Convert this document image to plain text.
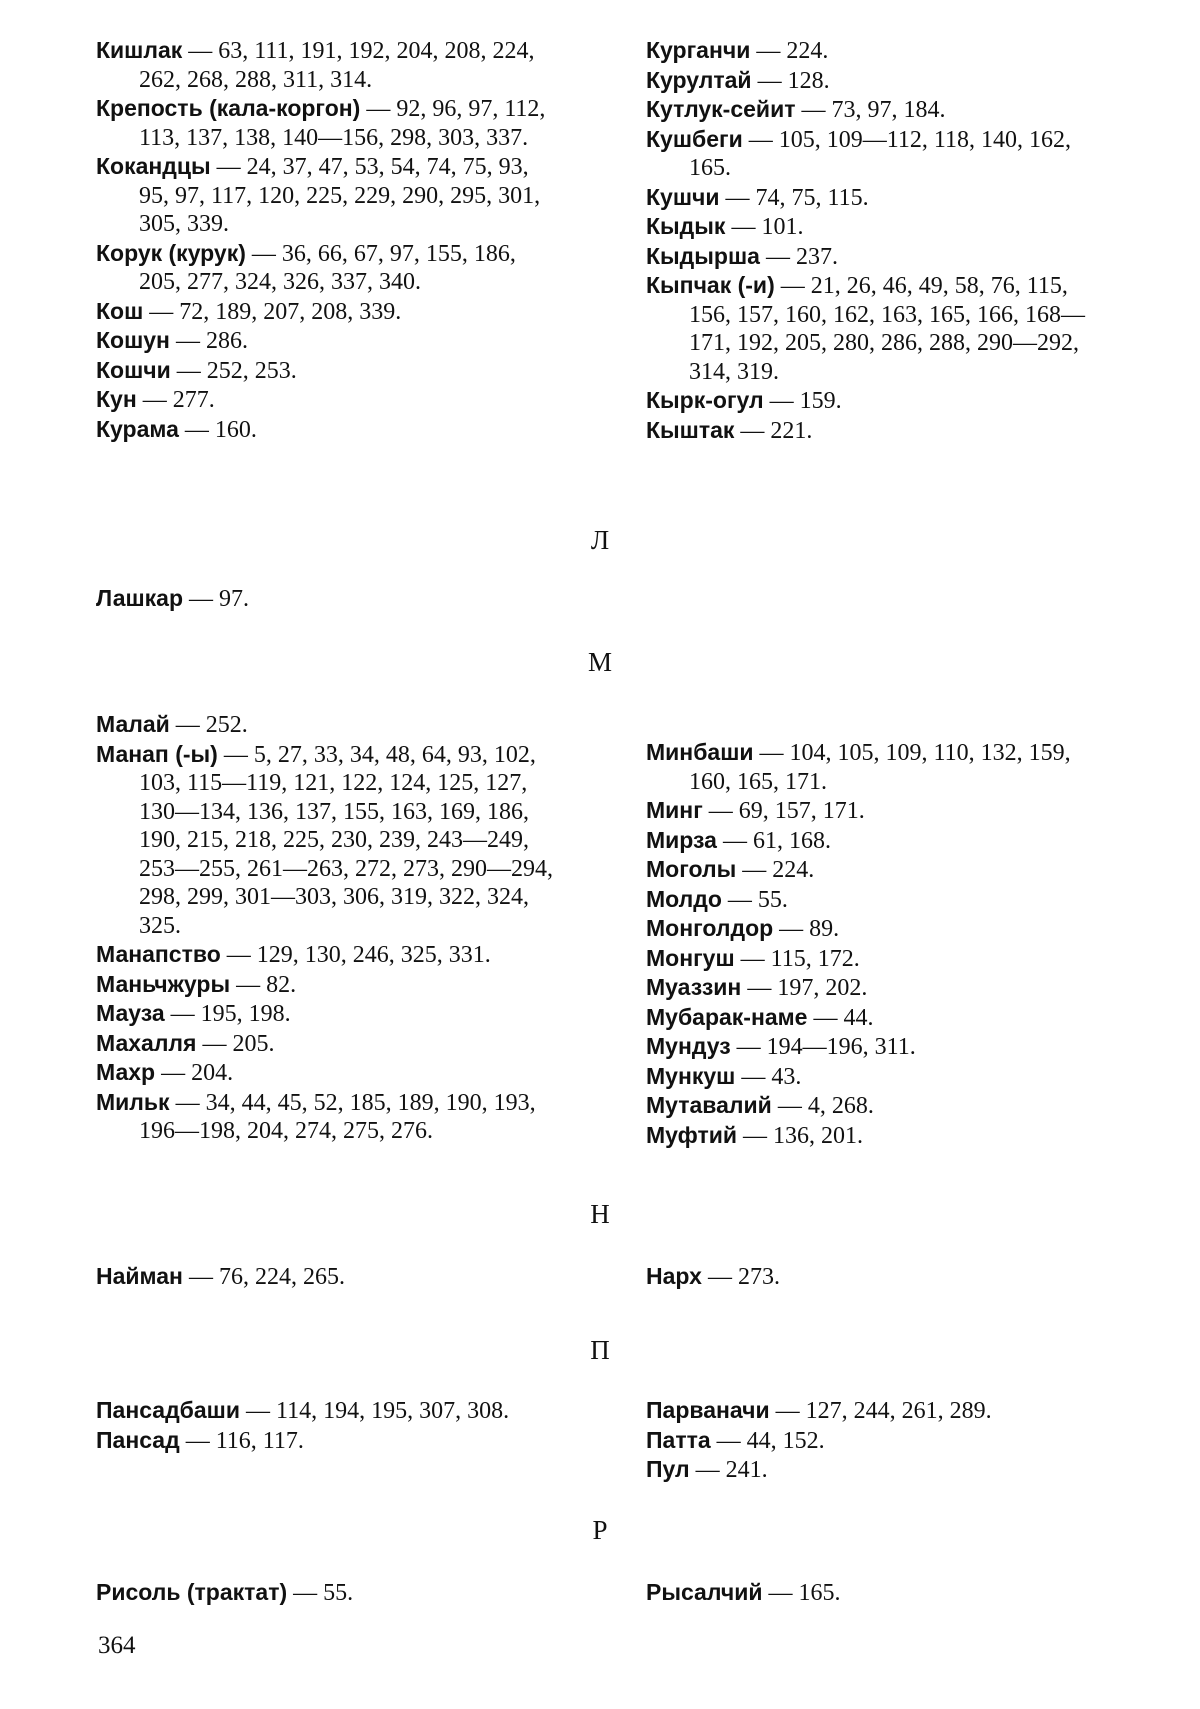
Кишлак — 63, 111, 191, 192, 204, 208, 224, 262, 268, 288, 311, 314.

Крепость (кала-коргон) — 92, 96, 97, 112, 113, 137, 138, 140—156, 298, 303, 337.

Кокандцы — 24, 37, 47, 53, 54, 74, 75, 93, 95, 97, 117, 120, 225, 229, 290, 295, 301, 305, 339.

Корук (курук) — 36, 66, 67, 97, 155, 186, 205, 277, 324, 326, 337, 340.

Кош — 72, 189, 207, 208, 339.

Кошун — 286.

Кошчи — 252, 253.

Кун — 277.

Курама — 160.

Курганчи — 224.

Курултай — 128.

Кутлук-сейит — 73, 97, 184.

Кушбеги — 105, 109—112, 118, 140, 162, 165.

Кушчи — 74, 75, 115.

Кыдык — 101.

Кыдырша — 237.

Кыпчак (-и) — 21, 26, 46, 49, 58, 76, 115, 156, 157, 160, 162, 163, 165, 166, 168—171, 192, 205, 280, 286, 288, 290—292, 314, 319.

Кырк-огул — 159.

Кыштак — 221.

Л

Лашкар — 97.

М

Малай — 252.

Манап (-ы) — 5, 27, 33, 34, 48, 64, 93, 102, 103, 115—119, 121, 122, 124, 125, 127, 130—134, 136, 137, 155, 163, 169, 186, 190, 215, 218, 225, 230, 239, 243—249, 253—255, 261—263, 272, 273, 290—294, 298, 299, 301—303, 306, 319, 322, 324, 325.

Манапство — 129, 130, 246, 325, 331.

Маньчжуры — 82.

Мауза — 195, 198.

Махалля — 205.

Махр — 204.

Мильк — 34, 44, 45, 52, 185, 189, 190, 193, 196—198, 204, 274, 275, 276.

Минбаши — 104, 105, 109, 110, 132, 159, 160, 165, 171.

Минг — 69, 157, 171.

Мирза — 61, 168.

Моголы — 224.

Молдо — 55.

Монголдор — 89.

Монгуш — 115, 172.

Муаззин — 197, 202.

Мубарак-наме — 44.

Мундуз — 194—196, 311.

Мункуш — 43.

Мутавалий — 4, 268.

Муфтий — 136, 201.

Н

Найман — 76, 224, 265.	Нарх — 273.

П

Пансадбаши — 114, 194, 195, 307, 308.

Пансад — 116, 117.

Парваначи — 127, 244, 261, 289.

Патта — 44, 152.

Пул — 241.

Р

Рисоль (трактат) — 55.	Рысалчий — 165.

364
